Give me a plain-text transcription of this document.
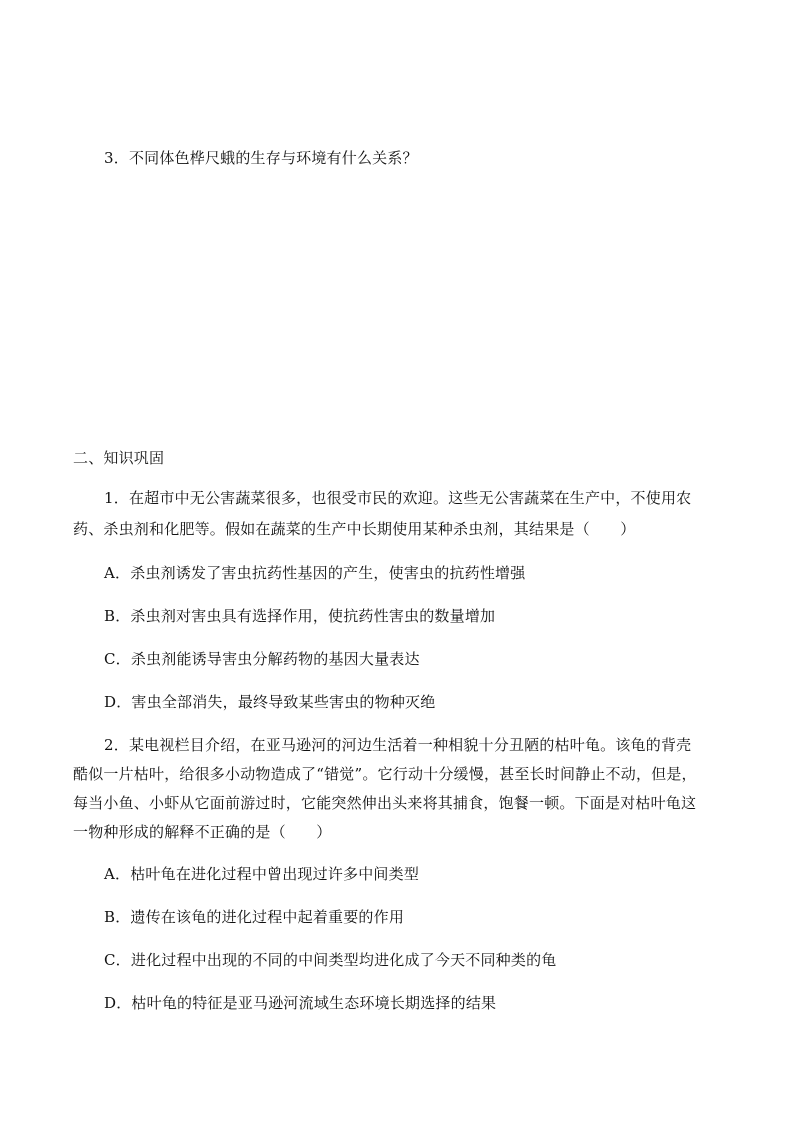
3．不同体色桦尺蛾的生存与环境有什么关系？
二、知识巩固
1．在超市中无公害蔬菜很多，也很受市民的欢迎。这些无公害蔬菜在生产中，不使用农
药、杀虫剂和化肥等。假如在蔬菜的生产中长期使用某种杀虫剂，其结果是（　　）
A．杀虫剂诱发了害虫抗药性基因的产生，使害虫的抗药性增强
B．杀虫剂对害虫具有选择作用，使抗药性害虫的数量增加
C．杀虫剂能诱导害虫分解药物的基因大量表达
D．害虫全部消失，最终导致某些害虫的物种灭绝
2．某电视栏目介绍，在亚马逊河的河边生活着一种相貌十分丑陋的枯叶龟。该龟的背壳
酷似一片枯叶，给很多小动物造成了“错觉”。它行动十分缓慢，甚至长时间静止不动，但是，
每当小鱼、小虾从它面前游过时，它能突然伸出头来将其捕食，饱餐一顿。下面是对枯叶龟这
一物种形成的解释不正确的是（　　）
A．枯叶龟在进化过程中曾出现过许多中间类型
B．遗传在该龟的进化过程中起着重要的作用
C．进化过程中出现的不同的中间类型均进化成了今天不同种类的龟
D．枯叶龟的特征是亚马逊河流域生态环境长期选择的结果
